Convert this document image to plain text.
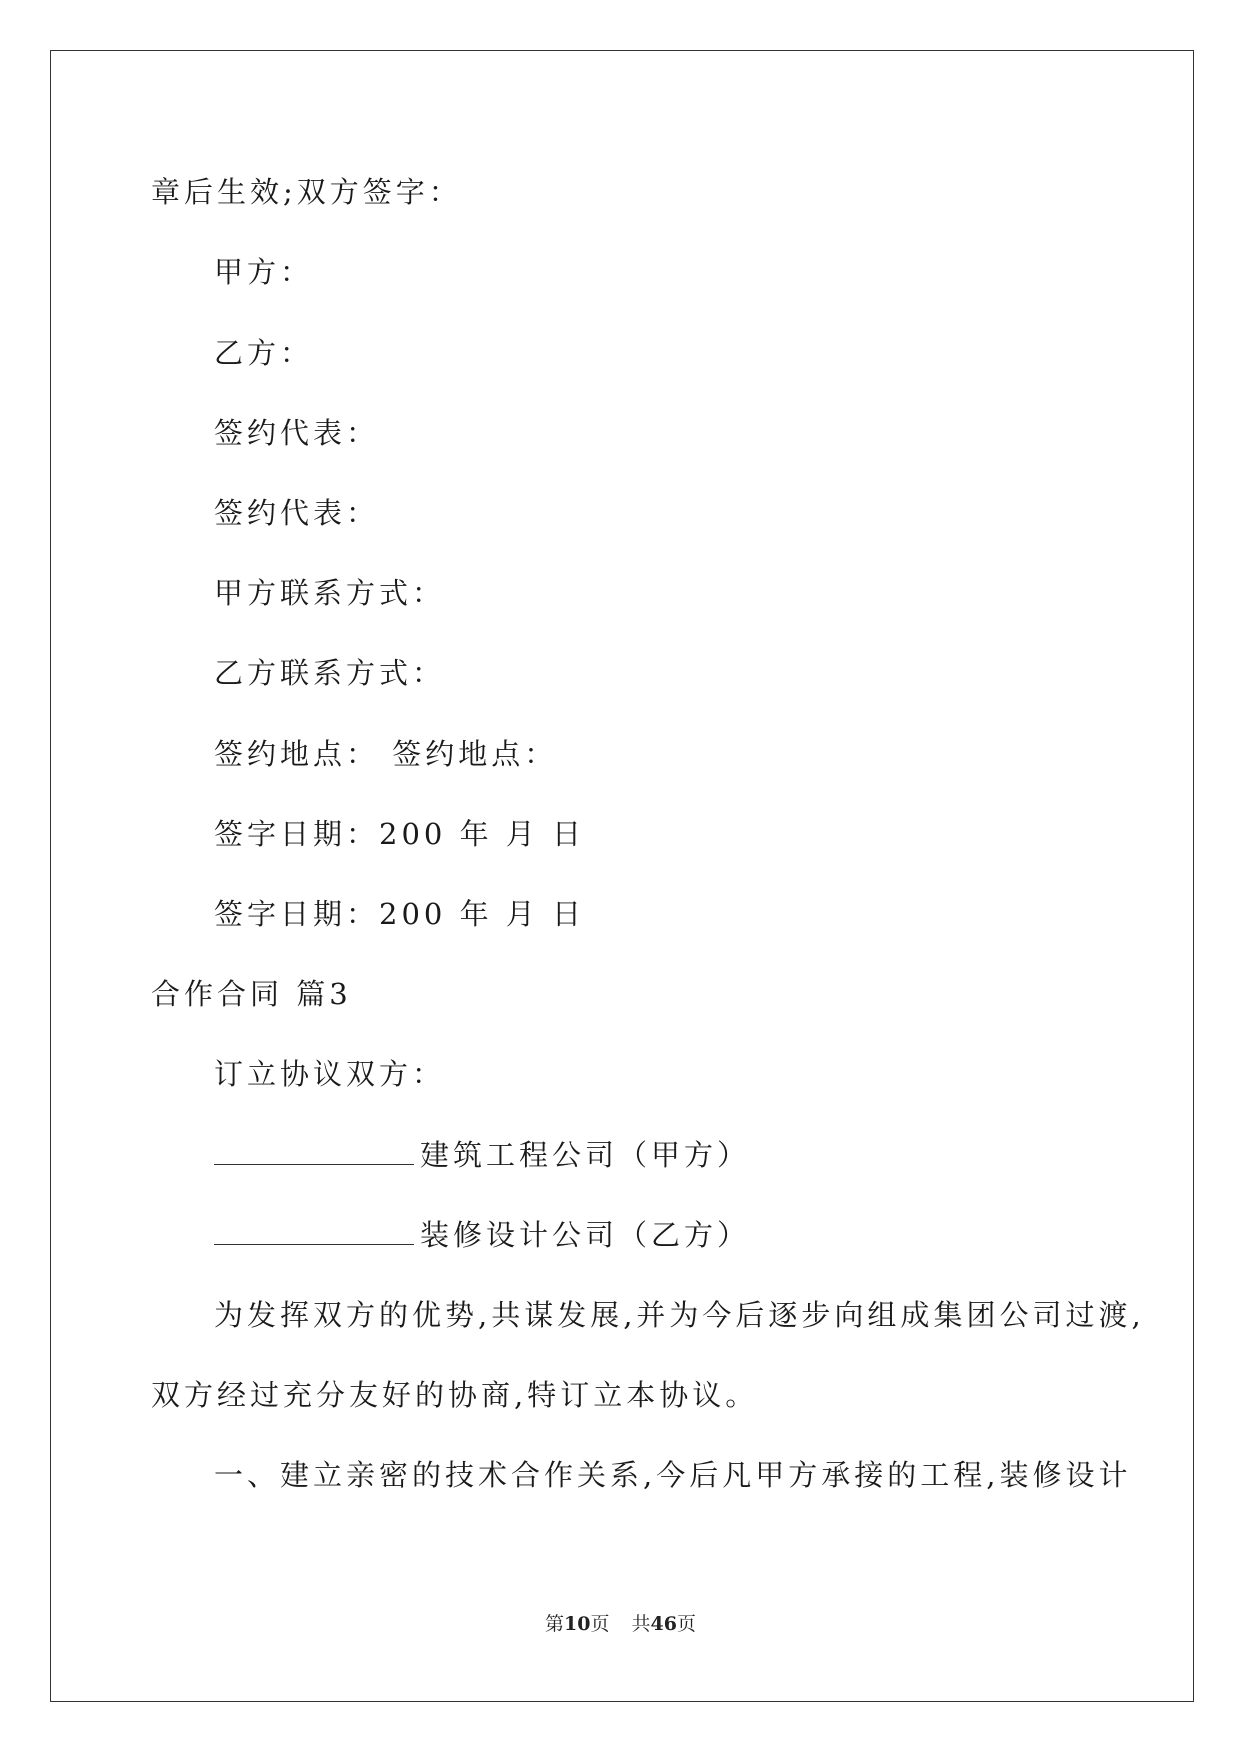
章后生效;双方签字：
甲方：
乙方：
签约代表：
签约代表：
甲方联系方式：
乙方联系方式：
签约地点： 签约地点：
签字日期：200 年 月 日
签字日期：200 年 月 日
合作合同 篇3
订立协议双方：
建筑工程公司（甲方）
装修设计公司（乙方）
为发挥双方的优势,共谋发展,并为今后逐步向组成集团公司过渡,
双方经过充分友好的协商,特订立本协议。
一、建立亲密的技术合作关系,今后凡甲方承接的工程,装修设计
第10页 共46页
